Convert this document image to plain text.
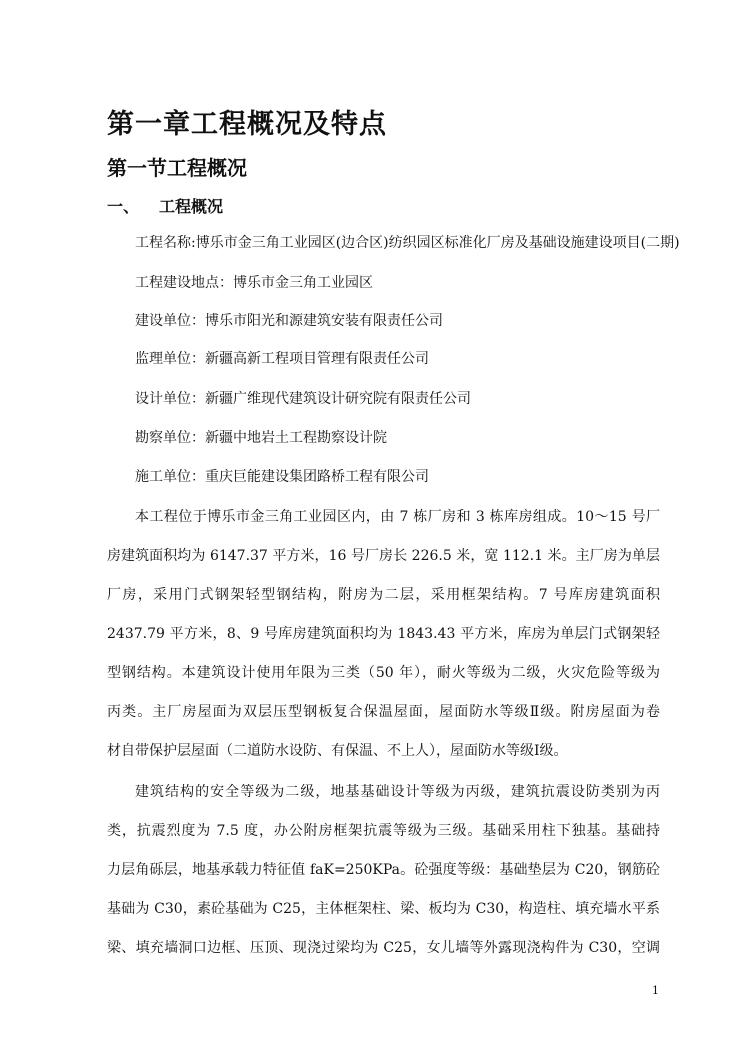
第一章工程概况及特点
第一节工程概况
一、 工程概况
工程名称:博乐市金三角工业园区(边合区)纺织园区标准化厂房及基础设施建设项目(二期)
工程建设地点：博乐市金三角工业园区
建设单位：博乐市阳光和源建筑安装有限责任公司
监理单位：新疆高新工程项目管理有限责任公司
设计单位：新疆广维现代建筑设计研究院有限责任公司
勘察单位：新疆中地岩土工程勘察设计院
施工单位：重庆巨能建设集团路桥工程有限公司
本工程位于博乐市金三角工业园区内，由 7 栋厂房和 3 栋库房组成。10～15 号厂
房建筑面积均为 6147.37 平方米，16 号厂房长 226.5 米，宽 112.1 米。主厂房为单层
厂房，采用门式钢架轻型钢结构，附房为二层，采用框架结构。7 号库房建筑面积
2437.79 平方米，8、9 号库房建筑面积均为 1843.43 平方米，库房为单层门式钢架轻
型钢结构。本建筑设计使用年限为三类（50 年），耐火等级为二级，火灾危险等级为
丙类。主厂房屋面为双层压型钢板复合保温屋面，屋面防水等级Ⅱ级。附房屋面为卷
材自带保护层屋面（二道防水设防、有保温、不上人），屋面防水等级Ⅰ级。
建筑结构的安全等级为二级，地基基础设计等级为丙级，建筑抗震设防类别为丙
类，抗震烈度为 7.5 度，办公附房框架抗震等级为三级。基础采用柱下独基。基础持
力层角砾层，地基承载力特征值 faK=250KPa。砼强度等级：基础垫层为 C20，钢筋砼
基础为 C30，素砼基础为 C25，主体框架柱、梁、板均为 C30，构造柱、填充墙水平系
梁、填充墙洞口边框、压顶、现浇过梁均为 C25，女儿墙等外露现浇构件为 C30，空调
1
